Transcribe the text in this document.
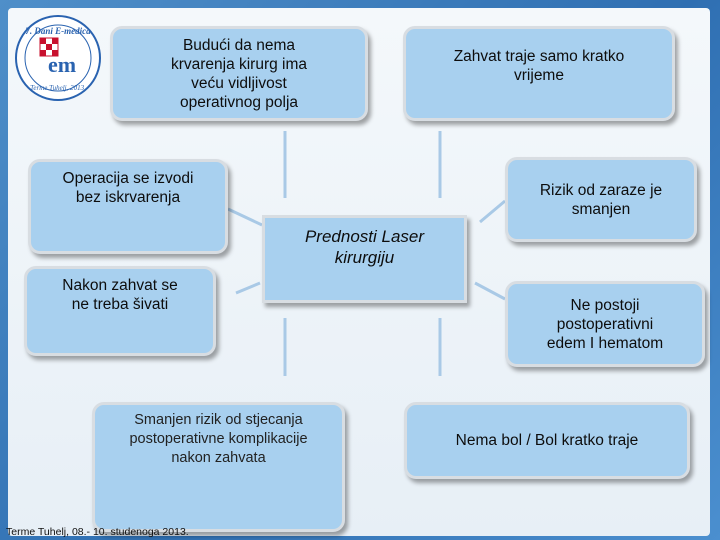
7. Dani E-medica
em
Terme Tuhelj, 2013.
Budući da nema
krvarenja kirurg ima
veću vidljivost
operativnog polja
Zahvat traje samo kratko
vrijeme
Operacija se izvodi
bez iskrvarenja	Rizik od zaraze je
smanjen
Prednosti Laser
kirurgiju
Nakon zahvat se
ne treba šivati	Ne postoji
postoperativni
edem I hematom
Smanjen rizik od stjecanja
postoperativne komplikacije
nakon zahvata
Nema bol / Bol kratko traje
Terme Tuhelj, 08.- 10. studenoga 2013.
